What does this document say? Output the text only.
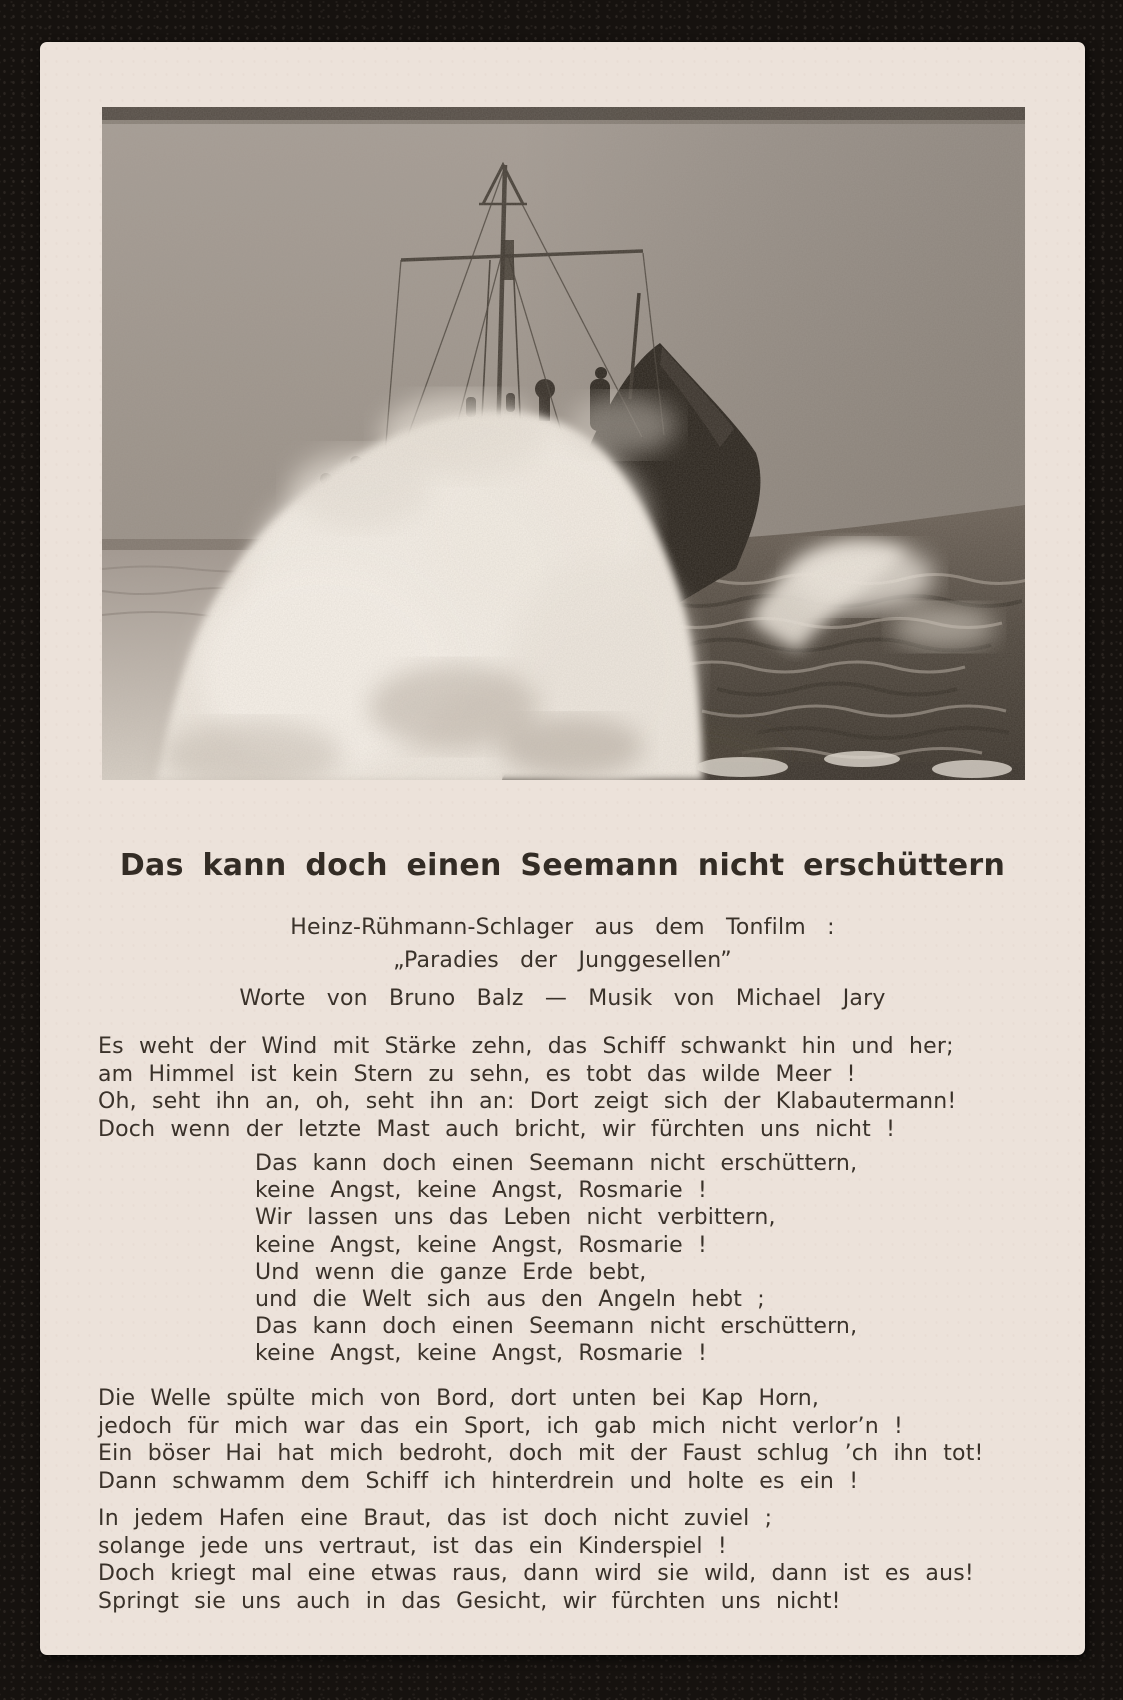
Das kann doch einen Seemann nicht erschüttern
Heinz-Rühmann-Schlager aus dem Tonfilm :
„Paradies der Junggesellen”
Worte von Bruno Balz — Musik von Michael Jary
Es weht der Wind mit Stärke zehn, das Schiff schwankt hin und her;
am Himmel ist kein Stern zu sehn, es tobt das wilde Meer !
Oh, seht ihn an, oh, seht ihn an: Dort zeigt sich der Klabautermann!
Doch wenn der letzte Mast auch bricht, wir fürchten uns nicht !
Das kann doch einen Seemann nicht erschüttern,
keine Angst, keine Angst, Rosmarie !
Wir lassen uns das Leben nicht verbittern,
keine Angst, keine Angst, Rosmarie !
Und wenn die ganze Erde bebt,
und die Welt sich aus den Angeln hebt ;
Das kann doch einen Seemann nicht erschüttern,
keine Angst, keine Angst, Rosmarie !
Die Welle spülte mich von Bord, dort unten bei Kap Horn,
jedoch für mich war das ein Sport, ich gab mich nicht verlor’n !
Ein böser Hai hat mich bedroht, doch mit der Faust schlug ’ch ihn tot!
Dann schwamm dem Schiff ich hinterdrein und holte es ein !
In jedem Hafen eine Braut, das ist doch nicht zuviel ;
solange jede uns vertraut, ist das ein Kinderspiel !
Doch kriegt mal eine etwas raus, dann wird sie wild, dann ist es aus!
Springt sie uns auch in das Gesicht, wir fürchten uns nicht!
